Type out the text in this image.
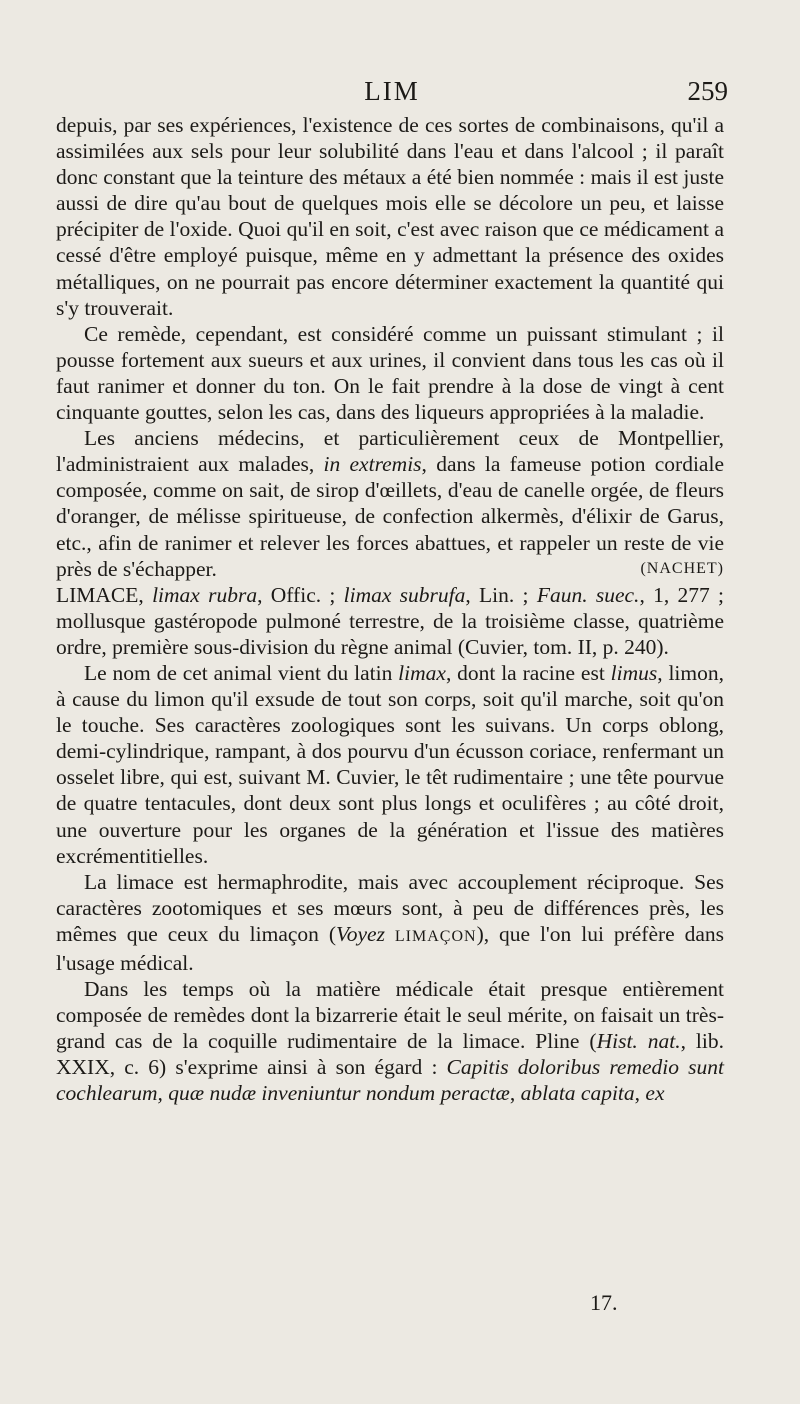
LIM	259

depuis, par ses expériences, l'existence de ces sortes de combinaisons, qu'il a assimilées aux sels pour leur solubilité dans l'eau et dans l'alcool ; il paraît donc constant que la teinture des métaux a été bien nommée : mais il est juste aussi de dire qu'au bout de quelques mois elle se décolore un peu, et laisse précipiter de l'oxide. Quoi qu'il en soit, c'est avec raison que ce médicament a cessé d'être employé puisque, même en y admettant la présence des oxides métalliques, on ne pourrait pas encore déterminer exactement la quantité qui s'y trouverait.

Ce remède, cependant, est considéré comme un puissant stimulant ; il pousse fortement aux sueurs et aux urines, il convient dans tous les cas où il faut ranimer et donner du ton. On le fait prendre à la dose de vingt à cent cinquante gouttes, selon les cas, dans des liqueurs appropriées à la maladie.

Les anciens médecins, et particulièrement ceux de Montpellier, l'administraient aux malades, in extremis, dans la fameuse potion cordiale composée, comme on sait, de sirop d'œillets, d'eau de canelle orgée, de fleurs d'oranger, de mélisse spiritueuse, de confection alkermès, d'élixir de Garus, etc., afin de ranimer et relever les forces abattues, et rappeler un reste de vie près de s'échapper.	(NACHET)

LIMACE, limax rubra, Offic. ; limax subrufa, Lin. ; Faun. suec., 1, 277 ; mollusque gastéropode pulmoné terrestre, de la troisième classe, quatrième ordre, première sous-division du règne animal (Cuvier, tom. II, p. 240).

Le nom de cet animal vient du latin limax, dont la racine est limus, limon, à cause du limon qu'il exsude de tout son corps, soit qu'il marche, soit qu'on le touche. Ses caractères zoologiques sont les suivans. Un corps oblong, demi-cylindrique, rampant, à dos pourvu d'un écusson coriace, renfermant un osselet libre, qui est, suivant M. Cuvier, le têt rudimentaire ; une tête pourvue de quatre tentacules, dont deux sont plus longs et oculifères ; au côté droit, une ouverture pour les organes de la génération et l'issue des matières excrémentitielles.

La limace est hermaphrodite, mais avec accouplement réciproque. Ses caractères zootomiques et ses mœurs sont, à peu de différences près, les mêmes que ceux du limaçon (Voyez LIMAÇON), que l'on lui préfère dans l'usage médical.

Dans les temps où la matière médicale était presque entièrement composée de remèdes dont la bizarrerie était le seul mérite, on faisait un très-grand cas de la coquille rudimentaire de la limace. Pline (Hist. nat., lib. XXIX, c. 6) s'exprime ainsi à son égard : Capitis doloribus remedio sunt cochlearum, quæ nudæ inveniuntur nondum peractæ, ablata capita, ex

17.
